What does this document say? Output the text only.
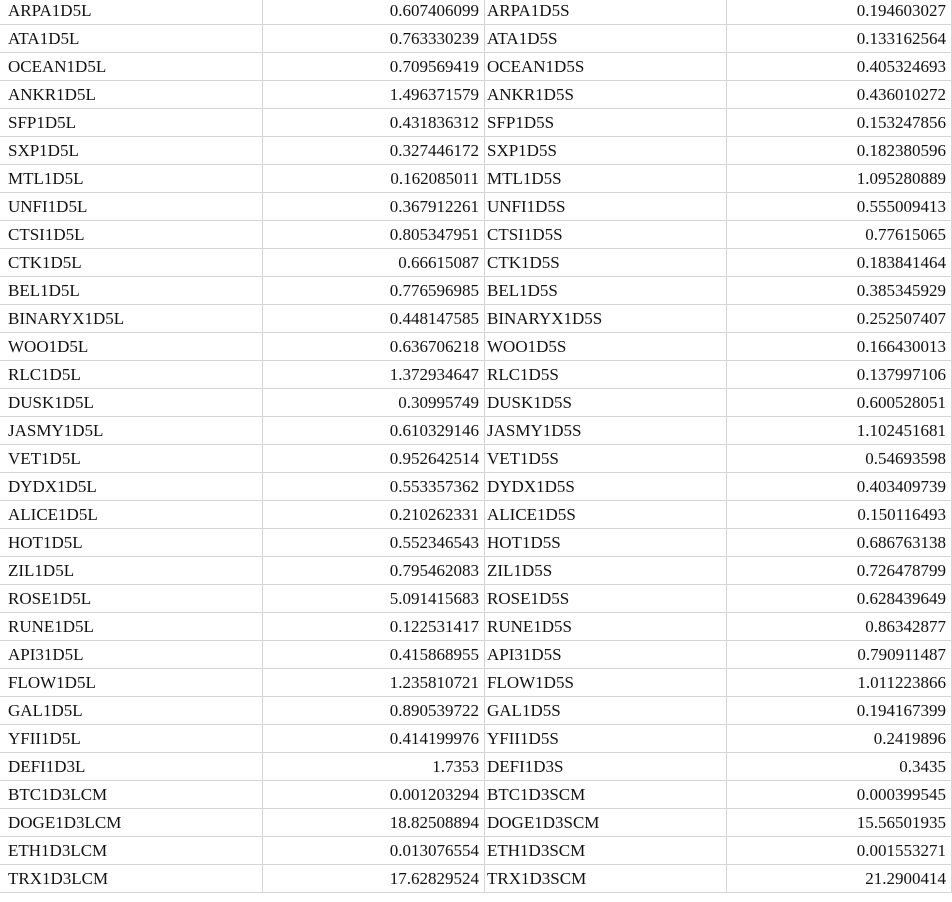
ARPA1D5L	0.607406099 ARPA1D5S	0.194603027
ATA1D5L	0.763330239 ATA1D5S	0.133162564
OCEAN1D5L	0.709569419 OCEAN1D5S	0.405324693
ANKR1D5L	1.496371579 ANKR1D5S	0.436010272
SFP1D5L	0.431836312 SFP1D5S	0.153247856
SXP1D5L	0.327446172 SXP1D5S	0.182380596
MTL1D5L	0.162085011 MTL1D5S	1.095280889
UNFI1D5L	0.367912261 UNFI1D5S	0.555009413
CTSI1D5L	0.805347951 CTSI1D5S	0.77615065
CTK1D5L	0.66615087 CTK1D5S	0.183841464
BEL1D5L	0.776596985 BEL1D5S	0.385345929
BINARYX1D5L	0.448147585 BINARYX1D5S	0.252507407
WOO1D5L	0.636706218 WOO1D5S	0.166430013
RLC1D5L	1.372934647 RLC1D5S	0.137997106
DUSK1D5L	0.30995749 DUSK1D5S	0.600528051
JASMY1D5L	0.610329146 JASMY1D5S	1.102451681
VET1D5L	0.952642514 VET1D5S	0.54693598
DYDX1D5L	0.553357362 DYDX1D5S	0.403409739
ALICE1D5L	0.210262331 ALICE1D5S	0.150116493
HOT1D5L	0.552346543 HOT1D5S	0.686763138
ZIL1D5L	0.795462083 ZIL1D5S	0.726478799
ROSE1D5L	5.091415683 ROSE1D5S	0.628439649
RUNE1D5L	0.122531417 RUNE1D5S	0.86342877
API31D5L	0.415868955 API31D5S	0.790911487
FLOW1D5L	1.235810721 FLOW1D5S	1.011223866
GAL1D5L	0.890539722 GAL1D5S	0.194167399
YFII1D5L	0.414199976 YFII1D5S	0.2419896
DEFI1D3L	1.7353 DEFI1D3S	0.3435
BTC1D3LCM	0.001203294 BTC1D3SCM	0.000399545
DOGE1D3LCM	18.82508894 DOGE1D3SCM	15.56501935
ETH1D3LCM	0.013076554 ETH1D3SCM	0.001553271
TRX1D3LCM	17.62829524 TRX1D3SCM	21.2900414
